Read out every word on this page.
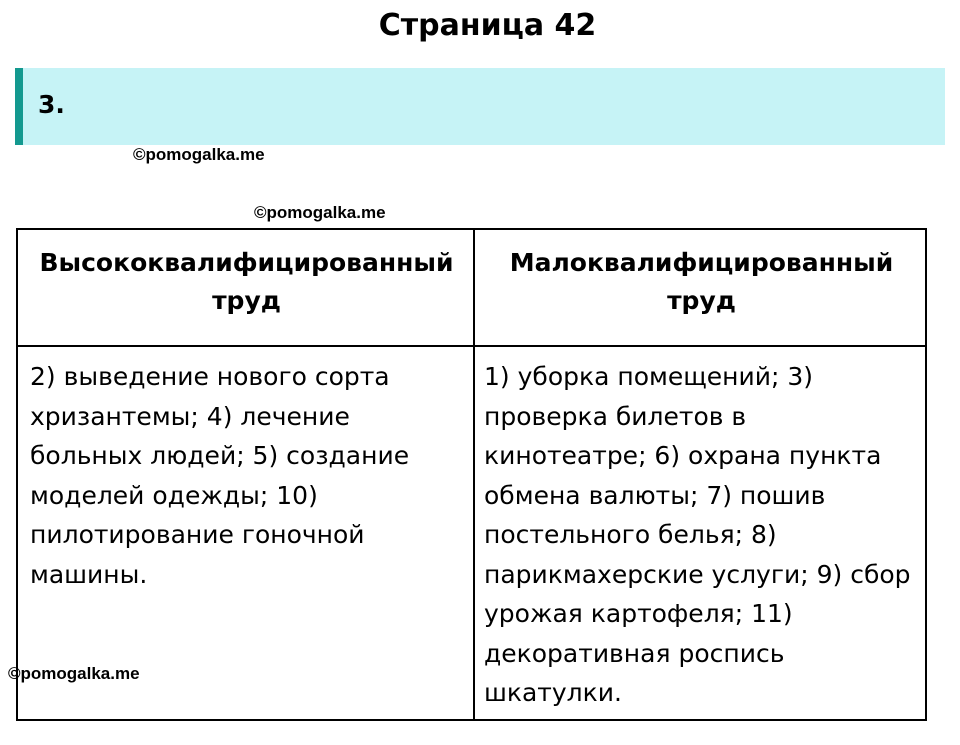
Страница 42
3.
©pomogalka.me
©pomogalka.me
Высококвалифицированный труд
Малоквалифицированный труд
2) выведение нового сорта хризантемы; 4) лечение больных людей; 5) создание моделей одежды; 10) пилотирование гоночной машины.
1) уборка помещений; 3) проверка билетов в кинотеатре; 6) охрана пункта обмена валюты; 7) пошив постельного белья; 8) парикмахерские услуги; 9) сбор урожая картофеля; 11) декоративная роспись шкатулки.
©pomogalka.me
